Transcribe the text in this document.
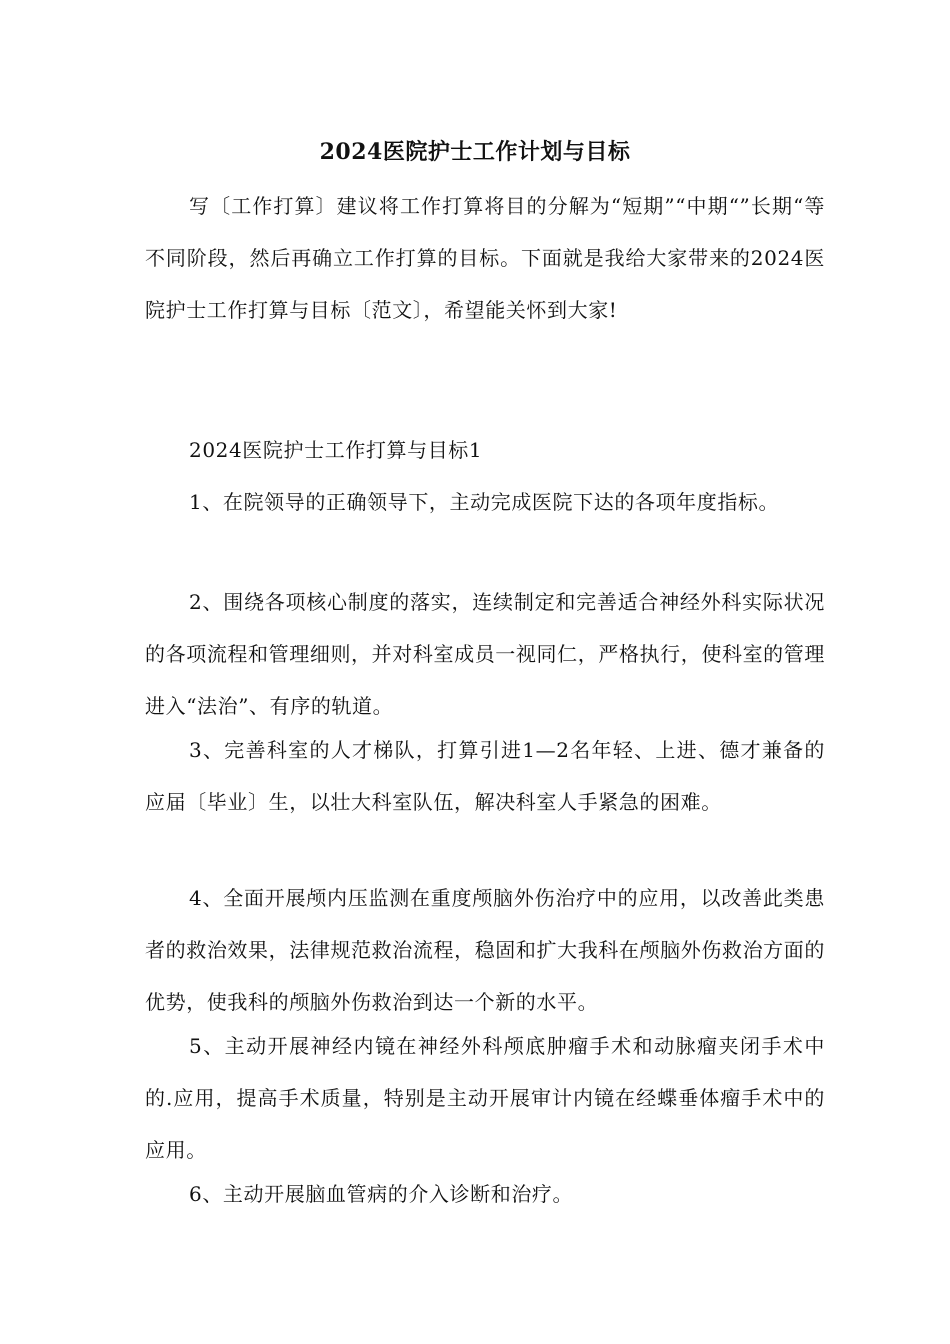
2024医院护士工作计划与目标

写〔工作打算〕建议将工作打算将目的分解为“短期”“中期“”长期“等不同阶段，然后再确立工作打算的目标。下面就是我给大家带来的2024医院护士工作打算与目标〔范文〕，希望能关怀到大家!

2024医院护士工作打算与目标1

1、在院领导的正确领导下，主动完成医院下达的各项年度指标。

2、围绕各项核心制度的落实，连续制定和完善适合神经外科实际状况的各项流程和管理细则，并对科室成员一视同仁，严格执行，使科室的管理进入“法治”、有序的轨道。

3、完善科室的人才梯队，打算引进1—2名年轻、上进、德才兼备的应届〔毕业〕生，以壮大科室队伍，解决科室人手紧急的困难。

4、全面开展颅内压监测在重度颅脑外伤治疗中的应用，以改善此类患者的救治效果，法律规范救治流程，稳固和扩大我科在颅脑外伤救治方面的优势，使我科的颅脑外伤救治到达一个新的水平。

5、主动开展神经内镜在神经外科颅底肿瘤手术和动脉瘤夹闭手术中的.应用，提高手术质量，特别是主动开展审计内镜在经蝶垂体瘤手术中的应用。

6、主动开展脑血管病的介入诊断和治疗。
